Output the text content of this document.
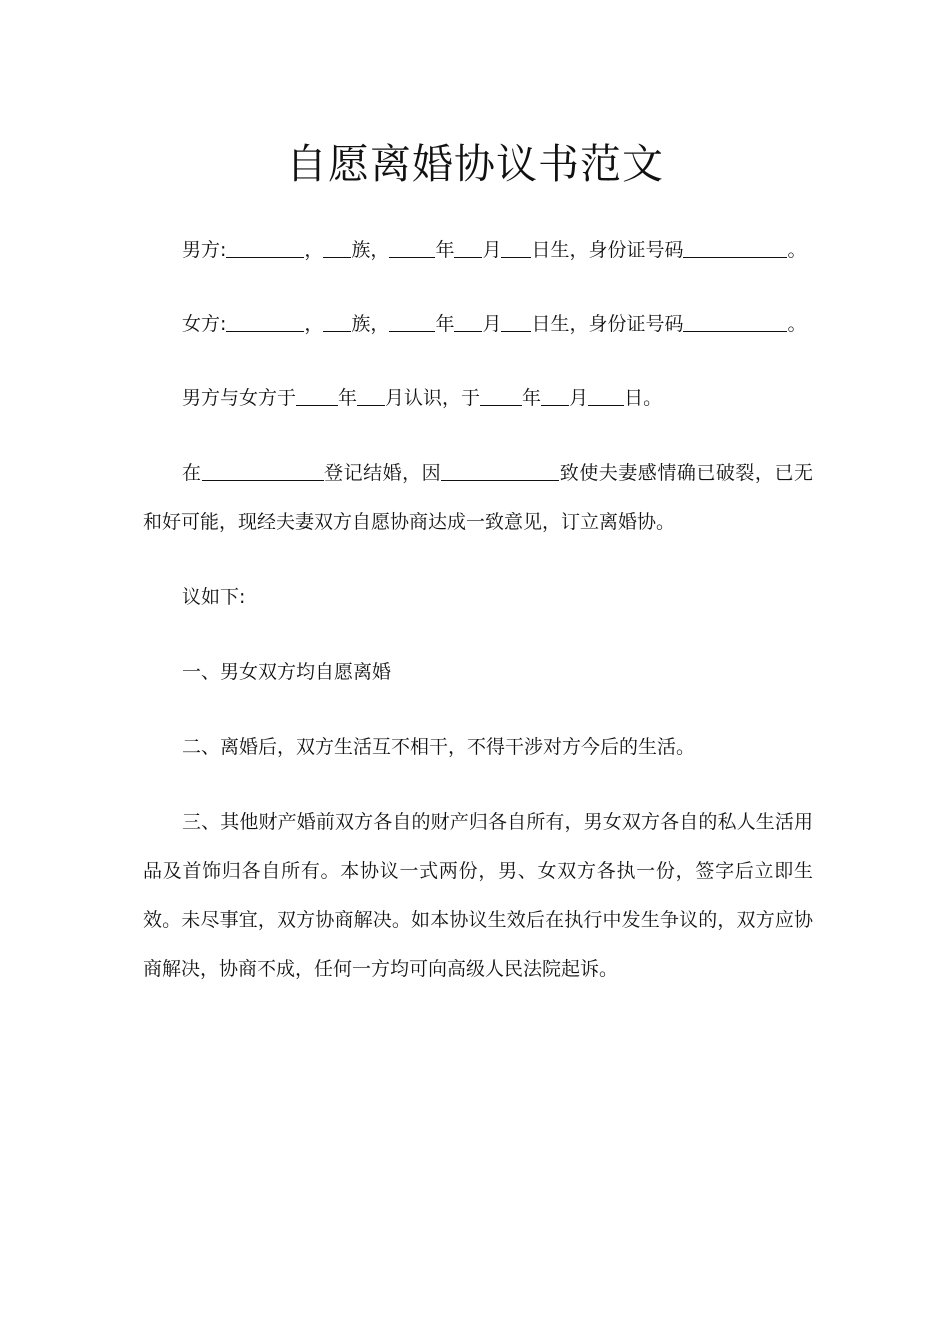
自愿离婚协议书范文

男方:	， 族， 年 月 日生，身份证号码	。

女方:	， 族， 年 月 日生，身份证号码	。

男方与女方于 年 月认识，于 年 月 日。

在	登记结婚，因	致使夫妻感情确已破裂，已无和好可能，现经夫妻双方自愿协商达成一致意见，订立离婚协。

议如下:

一、男女双方均自愿离婚

二、离婚后，双方生活互不相干，不得干涉对方今后的生活。

三、其他财产婚前双方各自的财产归各自所有，男女双方各自的私人生活用品及首饰归各自所有。本协议一式两份，男、女双方各执一份，签字后立即生效。未尽事宜，双方协商解决。如本协议生效后在执行中发生争议的，双方应协商解决，协商不成，任何一方均可向高级人民法院起诉。
